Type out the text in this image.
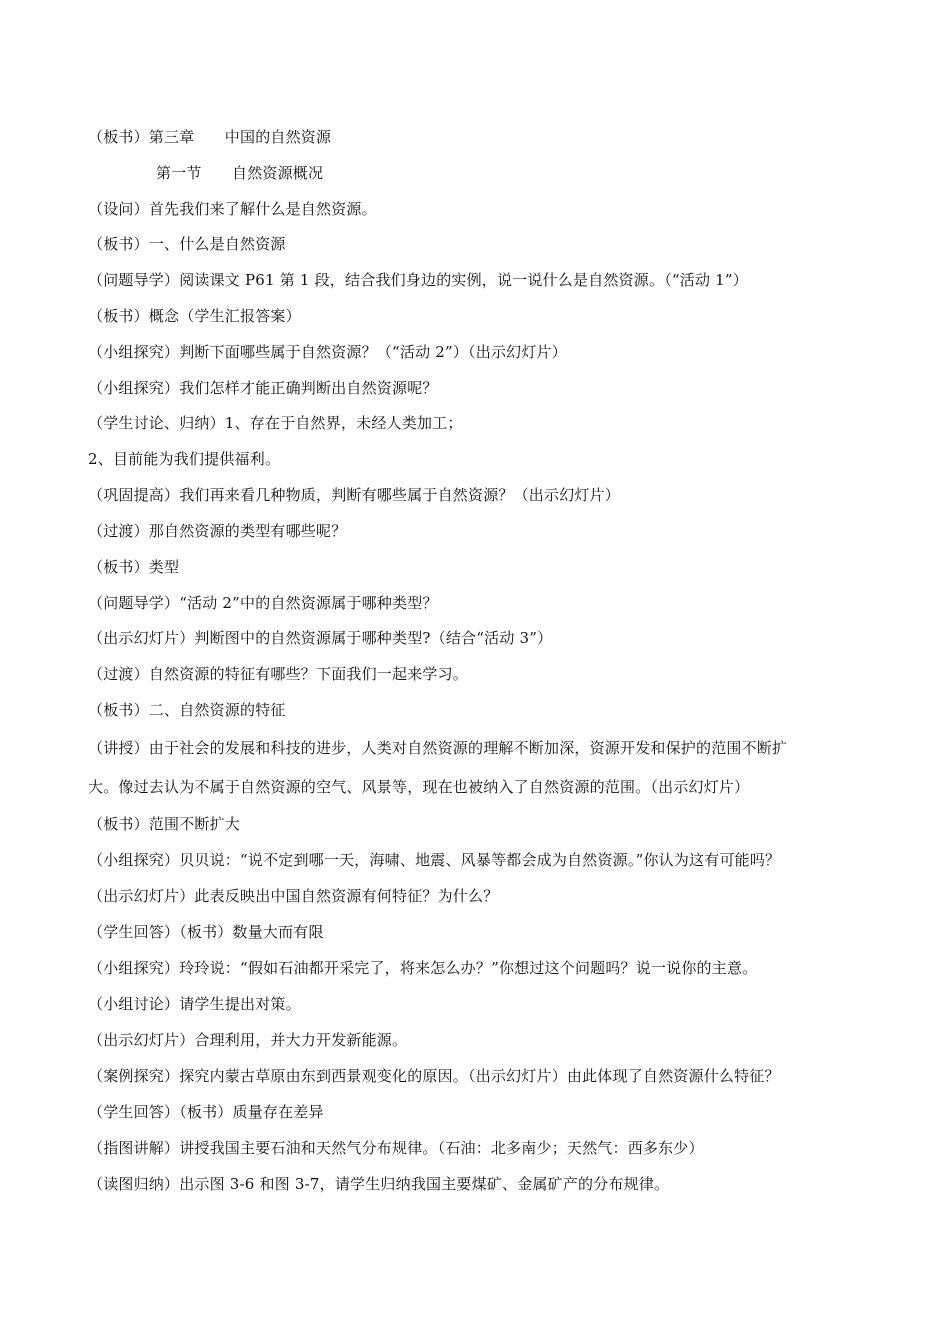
（板书）第三章　　中国的自然资源
第一节　　自然资源概况
（设问）首先我们来了解什么是自然资源。
（板书）一、什么是自然资源
（问题导学）阅读课文 P61 第 1 段，结合我们身边的实例，说一说什么是自然资源。（“活动 1”）
（板书）概念（学生汇报答案）
（小组探究）判断下面哪些属于自然资源？（“活动 2”）（出示幻灯片）
（小组探究）我们怎样才能正确判断出自然资源呢？
（学生讨论、归纳）1、存在于自然界，未经人类加工；
2、目前能为我们提供福利。
（巩固提高）我们再来看几种物质，判断有哪些属于自然资源？（出示幻灯片）
（过渡）那自然资源的类型有哪些呢？
（板书）类型
（问题导学）“活动 2”中的自然资源属于哪种类型？
（出示幻灯片）判断图中的自然资源属于哪种类型?（结合“活动 3”）
（过渡）自然资源的特征有哪些？下面我们一起来学习。
（板书）二、自然资源的特征
（讲授）由于社会的发展和科技的进步，人类对自然资源的理解不断加深，资源开发和保护的范围不断扩
大。像过去认为不属于自然资源的空气、风景等，现在也被纳入了自然资源的范围。（出示幻灯片）
（板书）范围不断扩大
（小组探究）贝贝说：“说不定到哪一天，海啸、地震、风暴等都会成为自然资源。”你认为这有可能吗？
（出示幻灯片）此表反映出中国自然资源有何特征？为什么？
（学生回答）（板书）数量大而有限
（小组探究）玲玲说：“假如石油都开采完了，将来怎么办？”你想过这个问题吗？说一说你的主意。
（小组讨论）请学生提出对策。
（出示幻灯片）合理利用，并大力开发新能源。
（案例探究）探究内蒙古草原由东到西景观变化的原因。（出示幻灯片）由此体现了自然资源什么特征？
（学生回答）（板书）质量存在差异
（指图讲解）讲授我国主要石油和天然气分布规律。（石油：北多南少；天然气：西多东少）
（读图归纳）出示图 3-6 和图 3-7，请学生归纳我国主要煤矿、金属矿产的分布规律。
